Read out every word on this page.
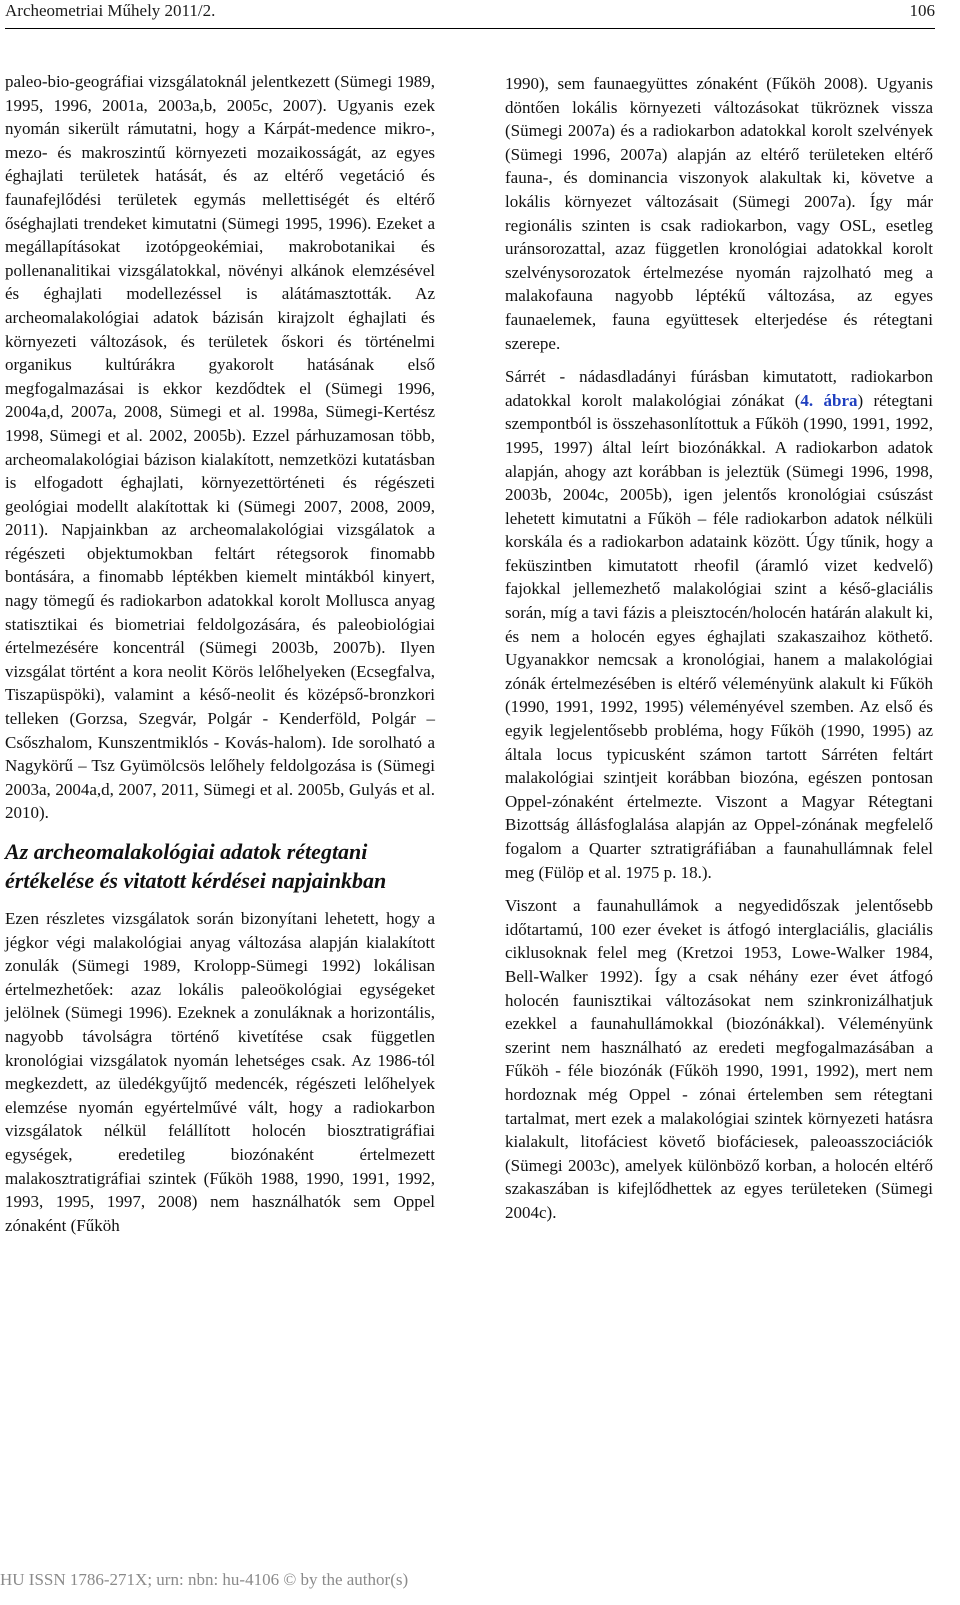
Archeometriai Műhely 2011/2.	106

paleo-bio-geográfiai vizsgálatoknál jelentkezett (Sümegi 1989, 1995, 1996, 2001a, 2003a,b, 2005c, 2007). Ugyanis ezek nyomán sikerült rámutatni, hogy a Kárpát-medence mikro-, mezo- és makroszintű környezeti mozaikosságát, az egyes éghajlati területek hatását, és az eltérő vegetáció és faunafejlődési területek egymás mellettiségét és eltérő őséghajlati trendeket kimutatni (Sümegi 1995, 1996). Ezeket a megállapításokat izotópgeokémiai, makrobotanikai és pollenanalitikai vizsgálatokkal, növényi alkánok elemzésével és éghajlati modellezéssel is alátámasztották. Az archeomalakológiai adatok bázisán kirajzolt éghajlati és környezeti változások, és területek őskori és történelmi organikus kultúrákra gyakorolt hatásának első megfogalmazásai is ekkor kezdődtek el (Sümegi 1996, 2004a,d, 2007a, 2008, Sümegi et al. 1998a, Sümegi-Kertész 1998, Sümegi et al. 2002, 2005b). Ezzel párhuzamosan több, archeomalakológiai bázison kialakított, nemzetközi kutatásban is elfogadott éghajlati, környezettörténeti és régészeti geológiai modellt alakítottak ki (Sümegi 2007, 2008, 2009, 2011). Napjainkban az archeomalakológiai vizsgálatok a régészeti objektumokban feltárt rétegsorok finomabb bontására, a finomabb léptékben kiemelt mintákból kinyert, nagy tömegű és radiokarbon adatokkal korolt Mollusca anyag statisztikai és biometriai feldolgozására, és paleobiológiai értelmezésére koncentrál (Sümegi 2003b, 2007b). Ilyen vizsgálat történt a kora neolit Körös lelőhelyeken (Ecsegfalva, Tiszapüspöki), valamint a késő-neolit és középső-bronzkori telleken (Gorzsa, Szegvár, Polgár - Kenderföld, Polgár – Csőszhalom, Kunszentmiklós - Kovás-halom). Ide sorolható a Nagykörű – Tsz Gyümölcsös lelőhely feldolgozása is (Sümegi 2003a, 2004a,d, 2007, 2011, Sümegi et al. 2005b, Gulyás et al. 2010).

Az archeomalakológiai adatok rétegtani
értékelése és vitatott kérdései napjainkban

Ezen részletes vizsgálatok során bizonyítani lehetett, hogy a jégkor végi malakológiai anyag változása alapján kialakított zonulák (Sümegi 1989, Krolopp-Sümegi 1992) lokálisan értelmezhetőek: azaz lokális paleoökológiai egységeket jelölnek (Sümegi 1996). Ezeknek a zonuláknak a horizontális, nagyobb távolságra történő kivetítése csak független kronológiai vizsgálatok nyomán lehetséges csak. Az 1986-tól megkezdett, az üledékgyűjtő medencék, régészeti lelőhelyek elemzése nyomán egyértelművé vált, hogy a radiokarbon vizsgálatok nélkül felállított holocén biosztratigráfiai egységek, eredetileg biozónaként értelmezett malakosztratigráfiai szintek (Fűköh 1988, 1990, 1991, 1992, 1993, 1995, 1997, 2008) nem használhatók sem Oppel zónaként (Fűköh

1990), sem faunaegyüttes zónaként (Fűköh 2008). Ugyanis döntően lokális környezeti változásokat tükröznek vissza (Sümegi 2007a) és a radiokarbon adatokkal korolt szelvények (Sümegi 1996, 2007a) alapján az eltérő területeken eltérő fauna-, és dominancia viszonyok alakultak ki, követve a lokális környezet változásait (Sümegi 2007a). Így már regionális szinten is csak radiokarbon, vagy OSL, esetleg uránsorozattal, azaz független kronológiai adatokkal korolt szelvénysorozatok értelmezése nyomán rajzolható meg a malakofauna nagyobb léptékű változása, az egyes faunaelemek, fauna együttesek elterjedése és rétegtani szerepe.

Sárrét - nádasdladányi fúrásban kimutatott, radiokarbon adatokkal korolt malakológiai zónákat (4. ábra) rétegtani szempontból is összehasonlítottuk a Fűköh (1990, 1991, 1992, 1995, 1997) által leírt biozónákkal. A radiokarbon adatok alapján, ahogy azt korábban is jeleztük (Sümegi 1996, 1998, 2003b, 2004c, 2005b), igen jelentős kronológiai csúszást lehetett kimutatni a Fűköh – féle radiokarbon adatok nélküli korskála és a radiokarbon adataink között. Úgy tűnik, hogy a feküszintben kimutatott rheofil (áramló vizet kedvelő) fajokkal jellemezhető malakológiai szint a késő-glaciális során, míg a tavi fázis a pleisztocén/holocén határán alakult ki, és nem a holocén egyes éghajlati szakaszaihoz köthető. Ugyanakkor nemcsak a kronológiai, hanem a malakológiai zónák értelmezésében is eltérő véleményünk alakult ki Fűköh (1990, 1991, 1992, 1995) véleményével szemben. Az első és egyik legjelentősebb probléma, hogy Fűköh (1990, 1995) az általa locus typicusként számon tartott Sárréten feltárt malakológiai szintjeit korábban biozóna, egészen pontosan Oppel-zónaként értelmezte. Viszont a Magyar Rétegtani Bizottság állásfoglalása alapján az Oppel-zónának megfelelő fogalom a Quarter sztratigráfiában a faunahullámnak felel meg (Fülöp et al. 1975 p. 18.).

Viszont a faunahullámok a negyedidőszak jelentősebb időtartamú, 100 ezer éveket is átfogó interglaciális, glaciális ciklusoknak felel meg (Kretzoi 1953, Lowe-Walker 1984, Bell-Walker 1992). Így a csak néhány ezer évet átfogó holocén faunisztikai változásokat nem szinkronizálhatjuk ezekkel a faunahullámokkal (biozónákkal). Véleményünk szerint nem használható az eredeti megfogalmazásában a Fűköh - féle biozónák (Fűköh 1990, 1991, 1992), mert nem hordoznak még Oppel - zónai értelemben sem rétegtani tartalmat, mert ezek a malakológiai szintek környezeti hatásra kialakult, litofáciest követő biofáciesek, paleoasszociációk (Sümegi 2003c), amelyek különböző korban, a holocén eltérő szakaszában is kifejlődhettek az egyes területeken (Sümegi 2004c).

HU ISSN 1786-271X; urn: nbn: hu-4106 © by the author(s)
